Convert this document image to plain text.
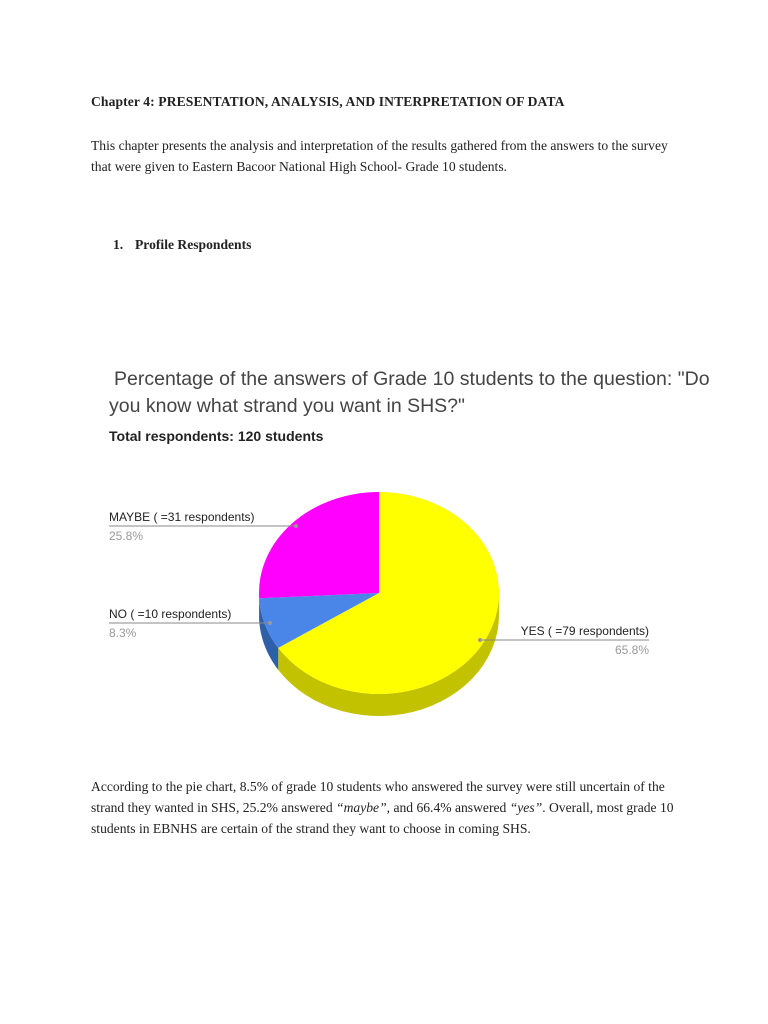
Chapter 4: PRESENTATION, ANALYSIS, AND INTERPRETATION OF DATA
This chapter presents the analysis and interpretation of the results gathered from the answers to the survey that were given to Eastern Bacoor National High School- Grade 10 students.
1. Profile Respondents
Percentage of the answers of Grade 10 students to the question: "Do
you know what strand you want in SHS?"
Total respondents: 120 students
YES ( =79 respondents)
65.8%
NO ( =10 respondents)
8.3%
MAYBE ( =31 respondents)
25.8%
According to the pie chart, 8.5% of grade 10 students who answered the survey were still uncertain of the strand they wanted in SHS, 25.2% answered “maybe”, and 66.4% answered “yes”. Overall, most grade 10 students in EBNHS are certain of the strand they want to choose in coming SHS.
